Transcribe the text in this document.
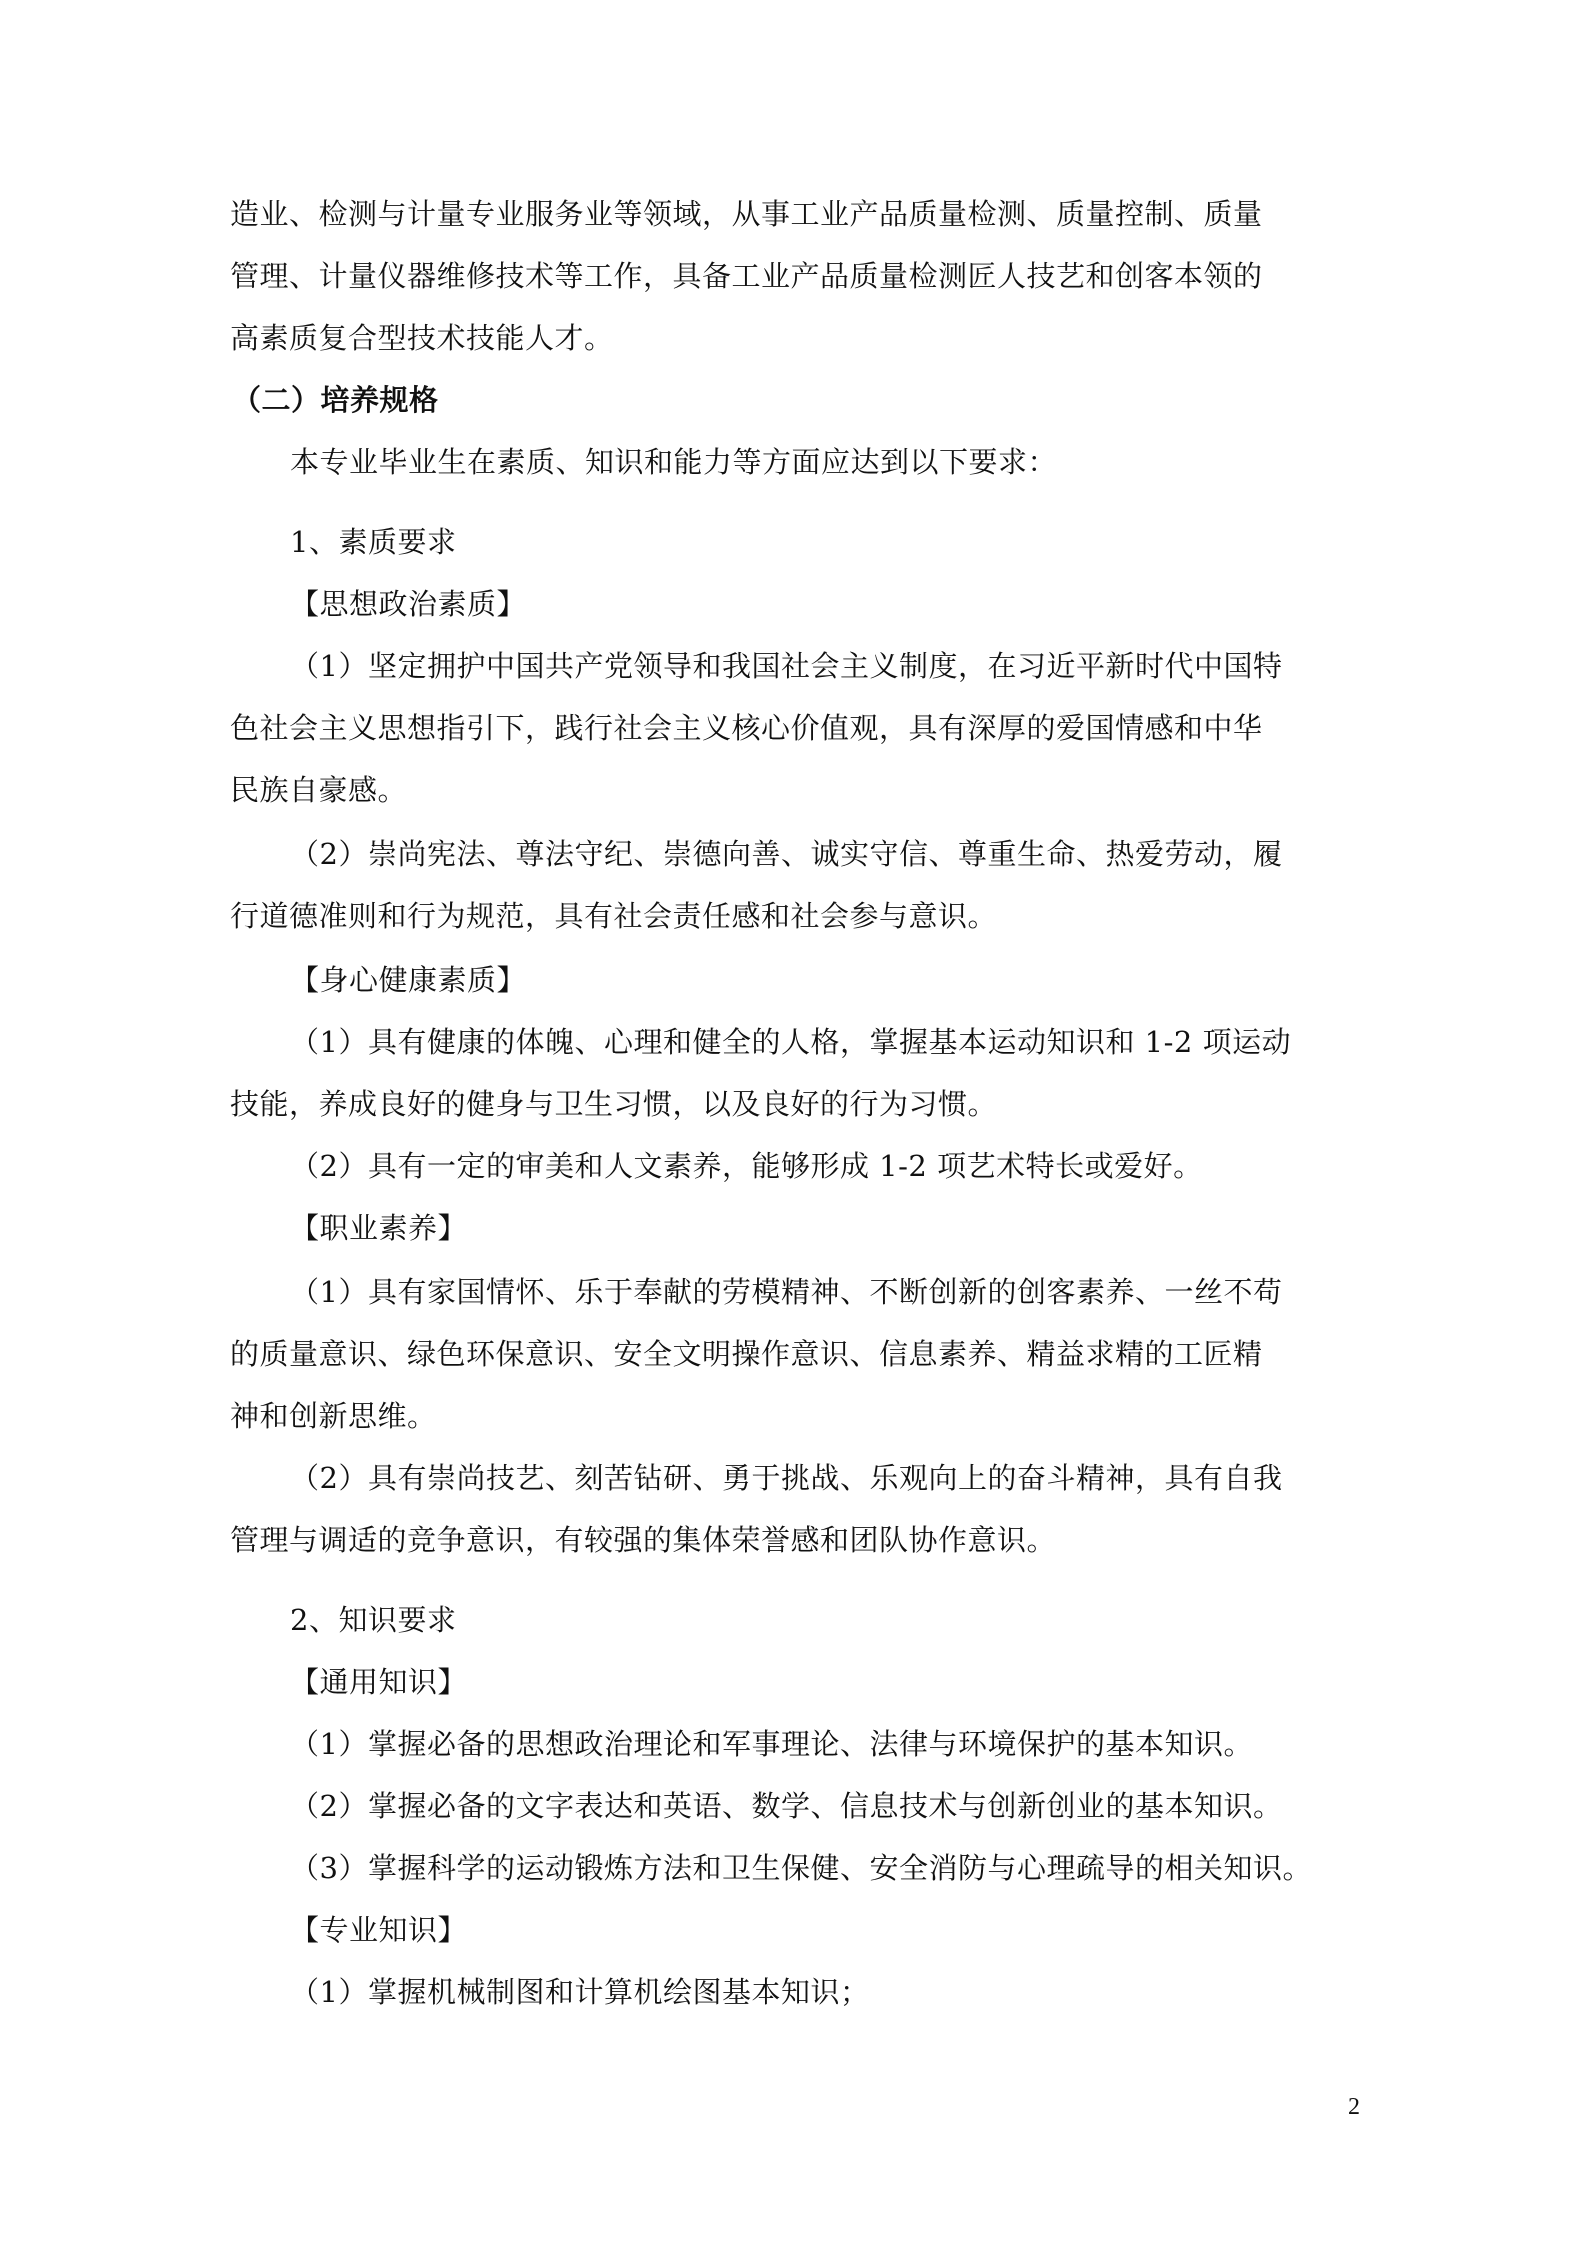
造业、检测与计量专业服务业等领域，从事工业产品质量检测、质量控制、质量
管理、计量仪器维修技术等工作，具备工业产品质量检测匠人技艺和创客本领的
高素质复合型技术技能人才。
（二）培养规格
本专业毕业生在素质、知识和能力等方面应达到以下要求：
1、素质要求
【思想政治素质】
（1）坚定拥护中国共产党领导和我国社会主义制度，在习近平新时代中国特
色社会主义思想指引下，践行社会主义核心价值观，具有深厚的爱国情感和中华
民族自豪感。
（2）崇尚宪法、尊法守纪、崇德向善、诚实守信、尊重生命、热爱劳动，履
行道德准则和行为规范，具有社会责任感和社会参与意识。
【身心健康素质】
（1）具有健康的体魄、心理和健全的人格，掌握基本运动知识和 1-2 项运动
技能，养成良好的健身与卫生习惯，以及良好的行为习惯。
（2）具有一定的审美和人文素养，能够形成 1-2 项艺术特长或爱好。
【职业素养】
（1）具有家国情怀、乐于奉献的劳模精神、不断创新的创客素养、一丝不苟
的质量意识、绿色环保意识、安全文明操作意识、信息素养、精益求精的工匠精
神和创新思维。
（2）具有崇尚技艺、刻苦钻研、勇于挑战、乐观向上的奋斗精神，具有自我
管理与调适的竞争意识，有较强的集体荣誉感和团队协作意识。
2、知识要求
【通用知识】
（1）掌握必备的思想政治理论和军事理论、法律与环境保护的基本知识。
（2）掌握必备的文字表达和英语、数学、信息技术与创新创业的基本知识。
（3）掌握科学的运动锻炼方法和卫生保健、安全消防与心理疏导的相关知识。
【专业知识】
（1）掌握机械制图和计算机绘图基本知识；
2
